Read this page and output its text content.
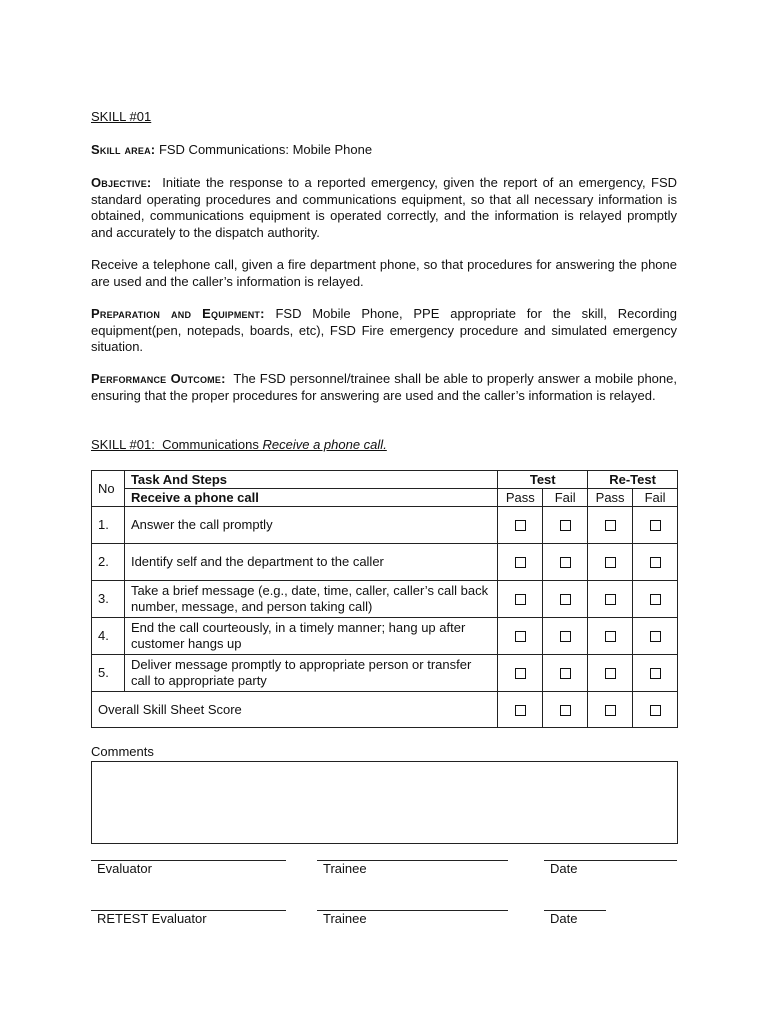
SKILL #01
Skill area: FSD Communications: Mobile Phone
Objective: Initiate the response to a reported emergency, given the report of an emergency, FSD standard operating procedures and communications equipment, so that all necessary information is obtained, communications equipment is operated correctly, and the information is relayed promptly and accurately to the dispatch authority.
Receive a telephone call, given a fire department phone, so that procedures for answering the phone are used and the caller’s information is relayed.
Preparation and Equipment: FSD Mobile Phone, PPE appropriate for the skill, Recording equipment(pen, notepads, boards, etc), FSD Fire emergency procedure and simulated emergency situation.
Performance Outcome: The FSD personnel/trainee shall be able to properly answer a mobile phone, ensuring that the proper procedures for answering are used and the caller’s information is relayed.
SKILL #01:  Communications Receive a phone call.
No	Task And Steps	Test		Re-Test	
	Receive a phone call	Pass	Fail	Pass	Fail
1.	Answer the call promptly				
2.	Identify self and the department to the caller				
3.	Take a brief message (e.g., date, time, caller, caller’s call back number, message, and person taking call)				
4.	End the call courteously, in a timely manner; hang up after customer hangs up				
5.	Deliver message promptly to appropriate person or transfer call to appropriate party				
Overall Skill Sheet Score					
Comments
Evaluator	Trainee	Date
RETEST Evaluator	Trainee	Date
